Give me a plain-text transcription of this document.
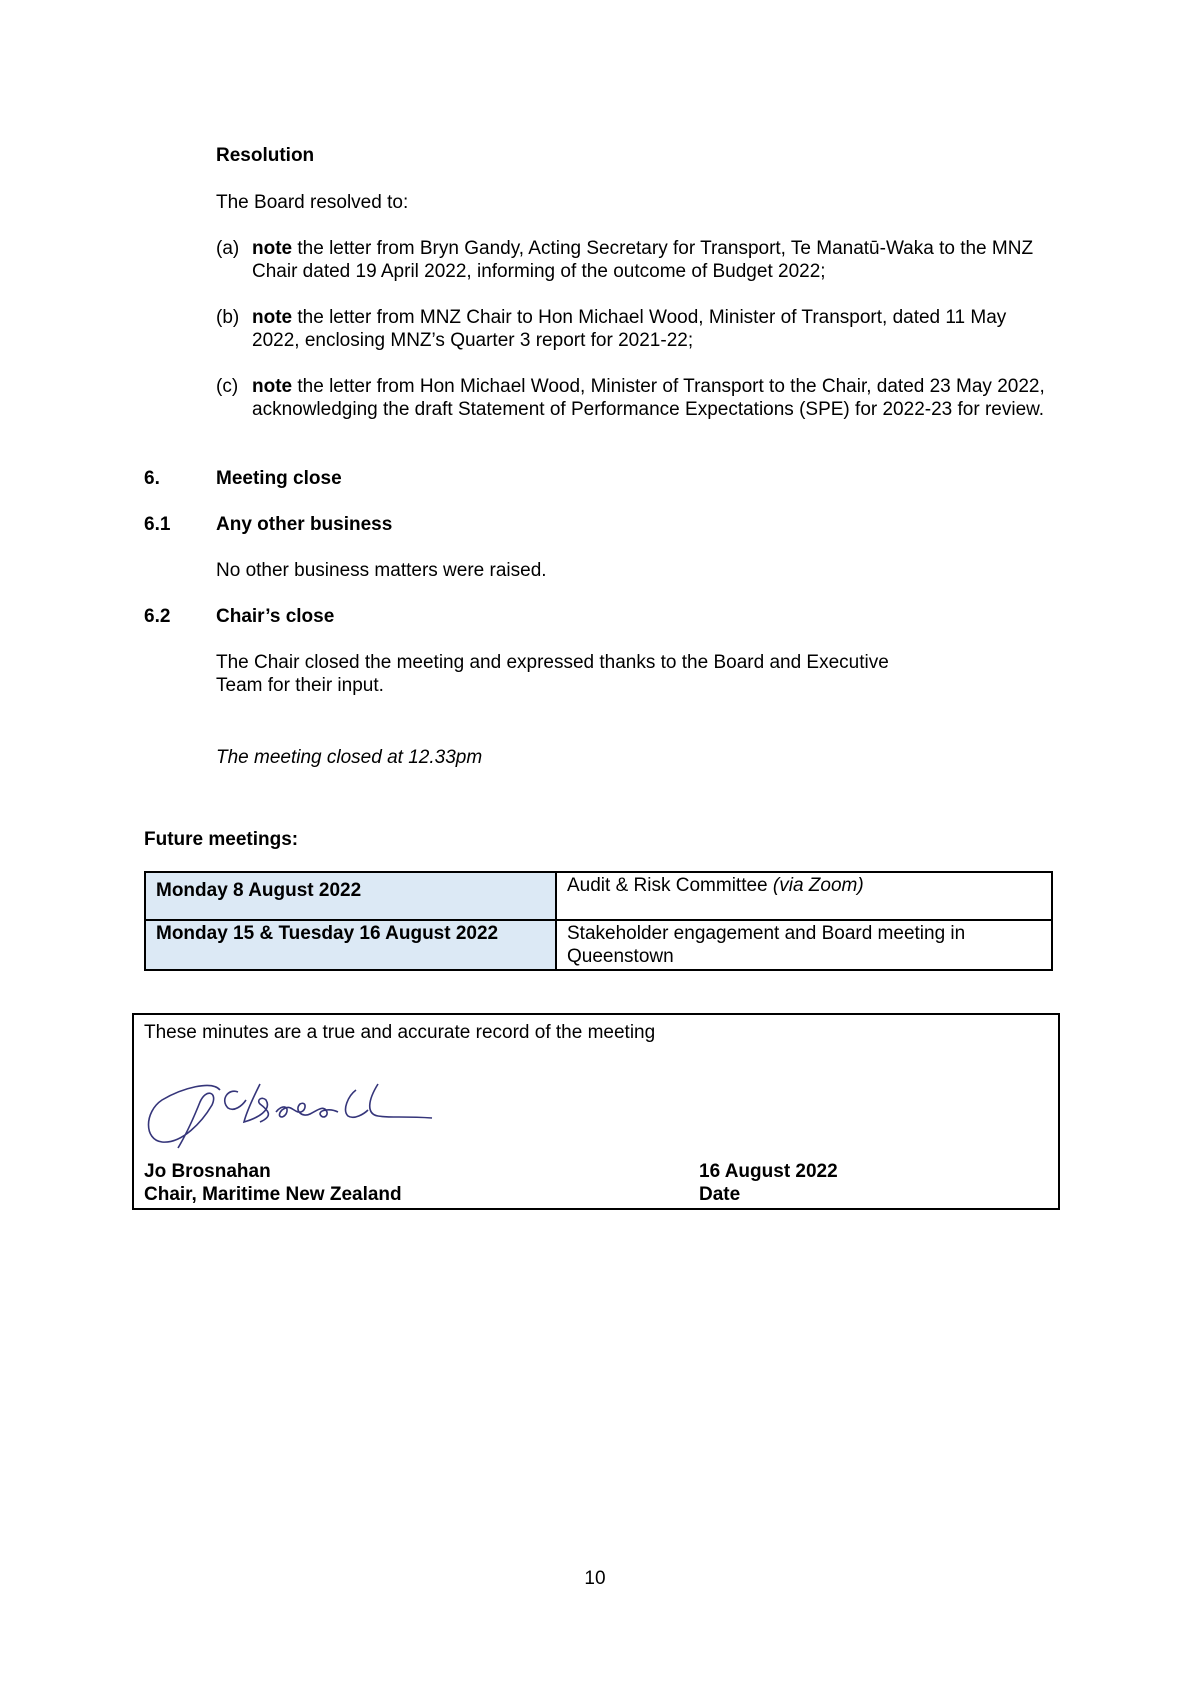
Resolution
The Board resolved to:
(a) note the letter from Bryn Gandy, Acting Secretary for Transport, Te Manatū-Waka to the MNZ Chair dated 19 April 2022, informing of the outcome of Budget 2022;
(b) note the letter from MNZ Chair to Hon Michael Wood, Minister of Transport, dated 11 May 2022, enclosing MNZ’s Quarter 3 report for 2021-22;
(c) note the letter from Hon Michael Wood, Minister of Transport to the Chair, dated 23 May 2022, acknowledging the draft Statement of Performance Expectations (SPE) for 2022-23 for review.
6.	Meeting close
6.1 Any other business
No other business matters were raised.
6.2 Chair’s close
The Chair closed the meeting and expressed thanks to the Board and Executive
Team for their input.
The meeting closed at 12.33pm
Future meetings:
Monday 8 August 2022	Audit & Risk Committee (via Zoom)
Monday 15 & Tuesday 16 August 2022	Stakeholder engagement and Board meeting in Queenstown
These minutes are a true and accurate record of the meeting
Jo Brosnahan
Chair, Maritime New Zealand
16 August 2022
Date
10
